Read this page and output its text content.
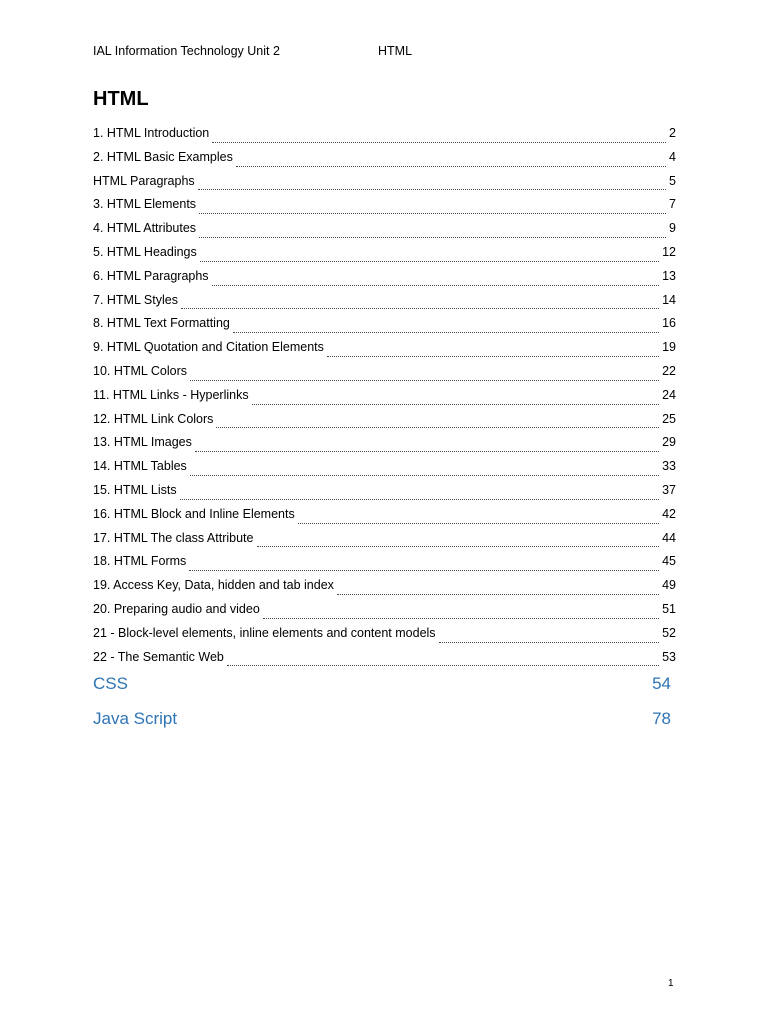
IAL Information Technology Unit 2	HTML
HTML
1. HTML Introduction	2
2. HTML Basic Examples	4
HTML Paragraphs	5
3. HTML Elements	7
4. HTML Attributes	9
5. HTML Headings	12
6. HTML Paragraphs	13
7. HTML Styles	14
8. HTML Text Formatting	16
9. HTML Quotation and Citation Elements	19
10. HTML Colors	22
11. HTML Links - Hyperlinks	24
12. HTML Link Colors	25
13. HTML Images	29
14. HTML Tables	33
15. HTML Lists	37
16. HTML Block and Inline Elements	42
17. HTML The class Attribute	44
18. HTML Forms	45
19. Access Key, Data, hidden and tab index	49
20. Preparing audio and video	51
21 - Block-level elements, inline elements and content models	52
22 - The Semantic Web	53
CSS	54
Java Script	78
1
